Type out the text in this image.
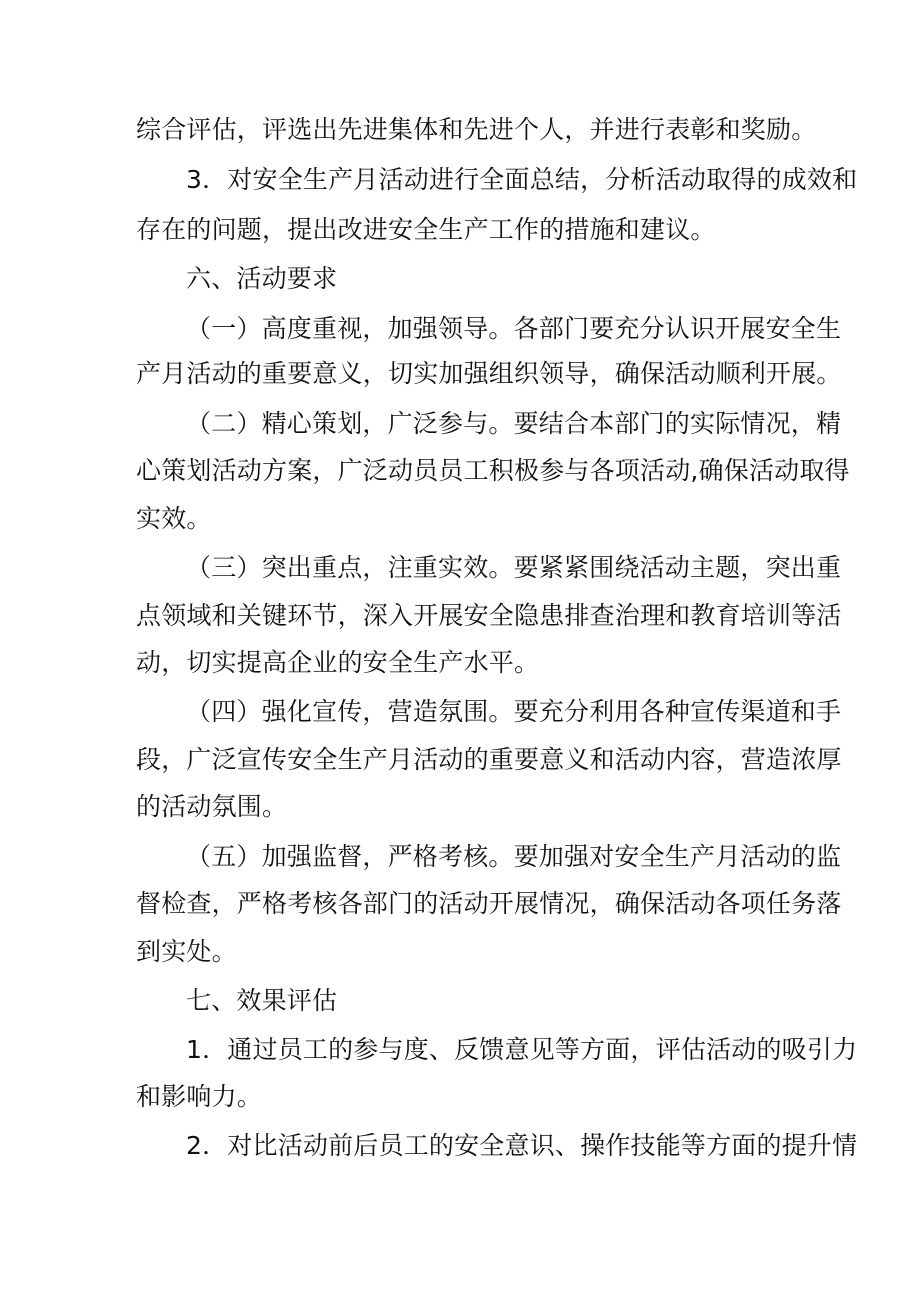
综合评估，评选出先进集体和先进个人，并进行表彰和奖励。
3．对安全生产月活动进行全面总结，分析活动取得的成效和
存在的问题，提出改进安全生产工作的措施和建议。
六、活动要求
（一）高度重视，加强领导。各部门要充分认识开展安全生
产月活动的重要意义，切实加强组织领导，确保活动顺利开展。
（二）精心策划，广泛参与。要结合本部门的实际情况，精
心策划活动方案，广泛动员员工积极参与各项活动,确保活动取得
实效。
（三）突出重点，注重实效。要紧紧围绕活动主题，突出重
点领域和关键环节，深入开展安全隐患排查治理和教育培训等活
动，切实提高企业的安全生产水平。
（四）强化宣传，营造氛围。要充分利用各种宣传渠道和手
段，广泛宣传安全生产月活动的重要意义和活动内容，营造浓厚
的活动氛围。
（五）加强监督，严格考核。要加强对安全生产月活动的监
督检查，严格考核各部门的活动开展情况，确保活动各项任务落
到实处。
七、效果评估
1．通过员工的参与度、反馈意见等方面，评估活动的吸引力
和影响力。
2．对比活动前后员工的安全意识、操作技能等方面的提升情
